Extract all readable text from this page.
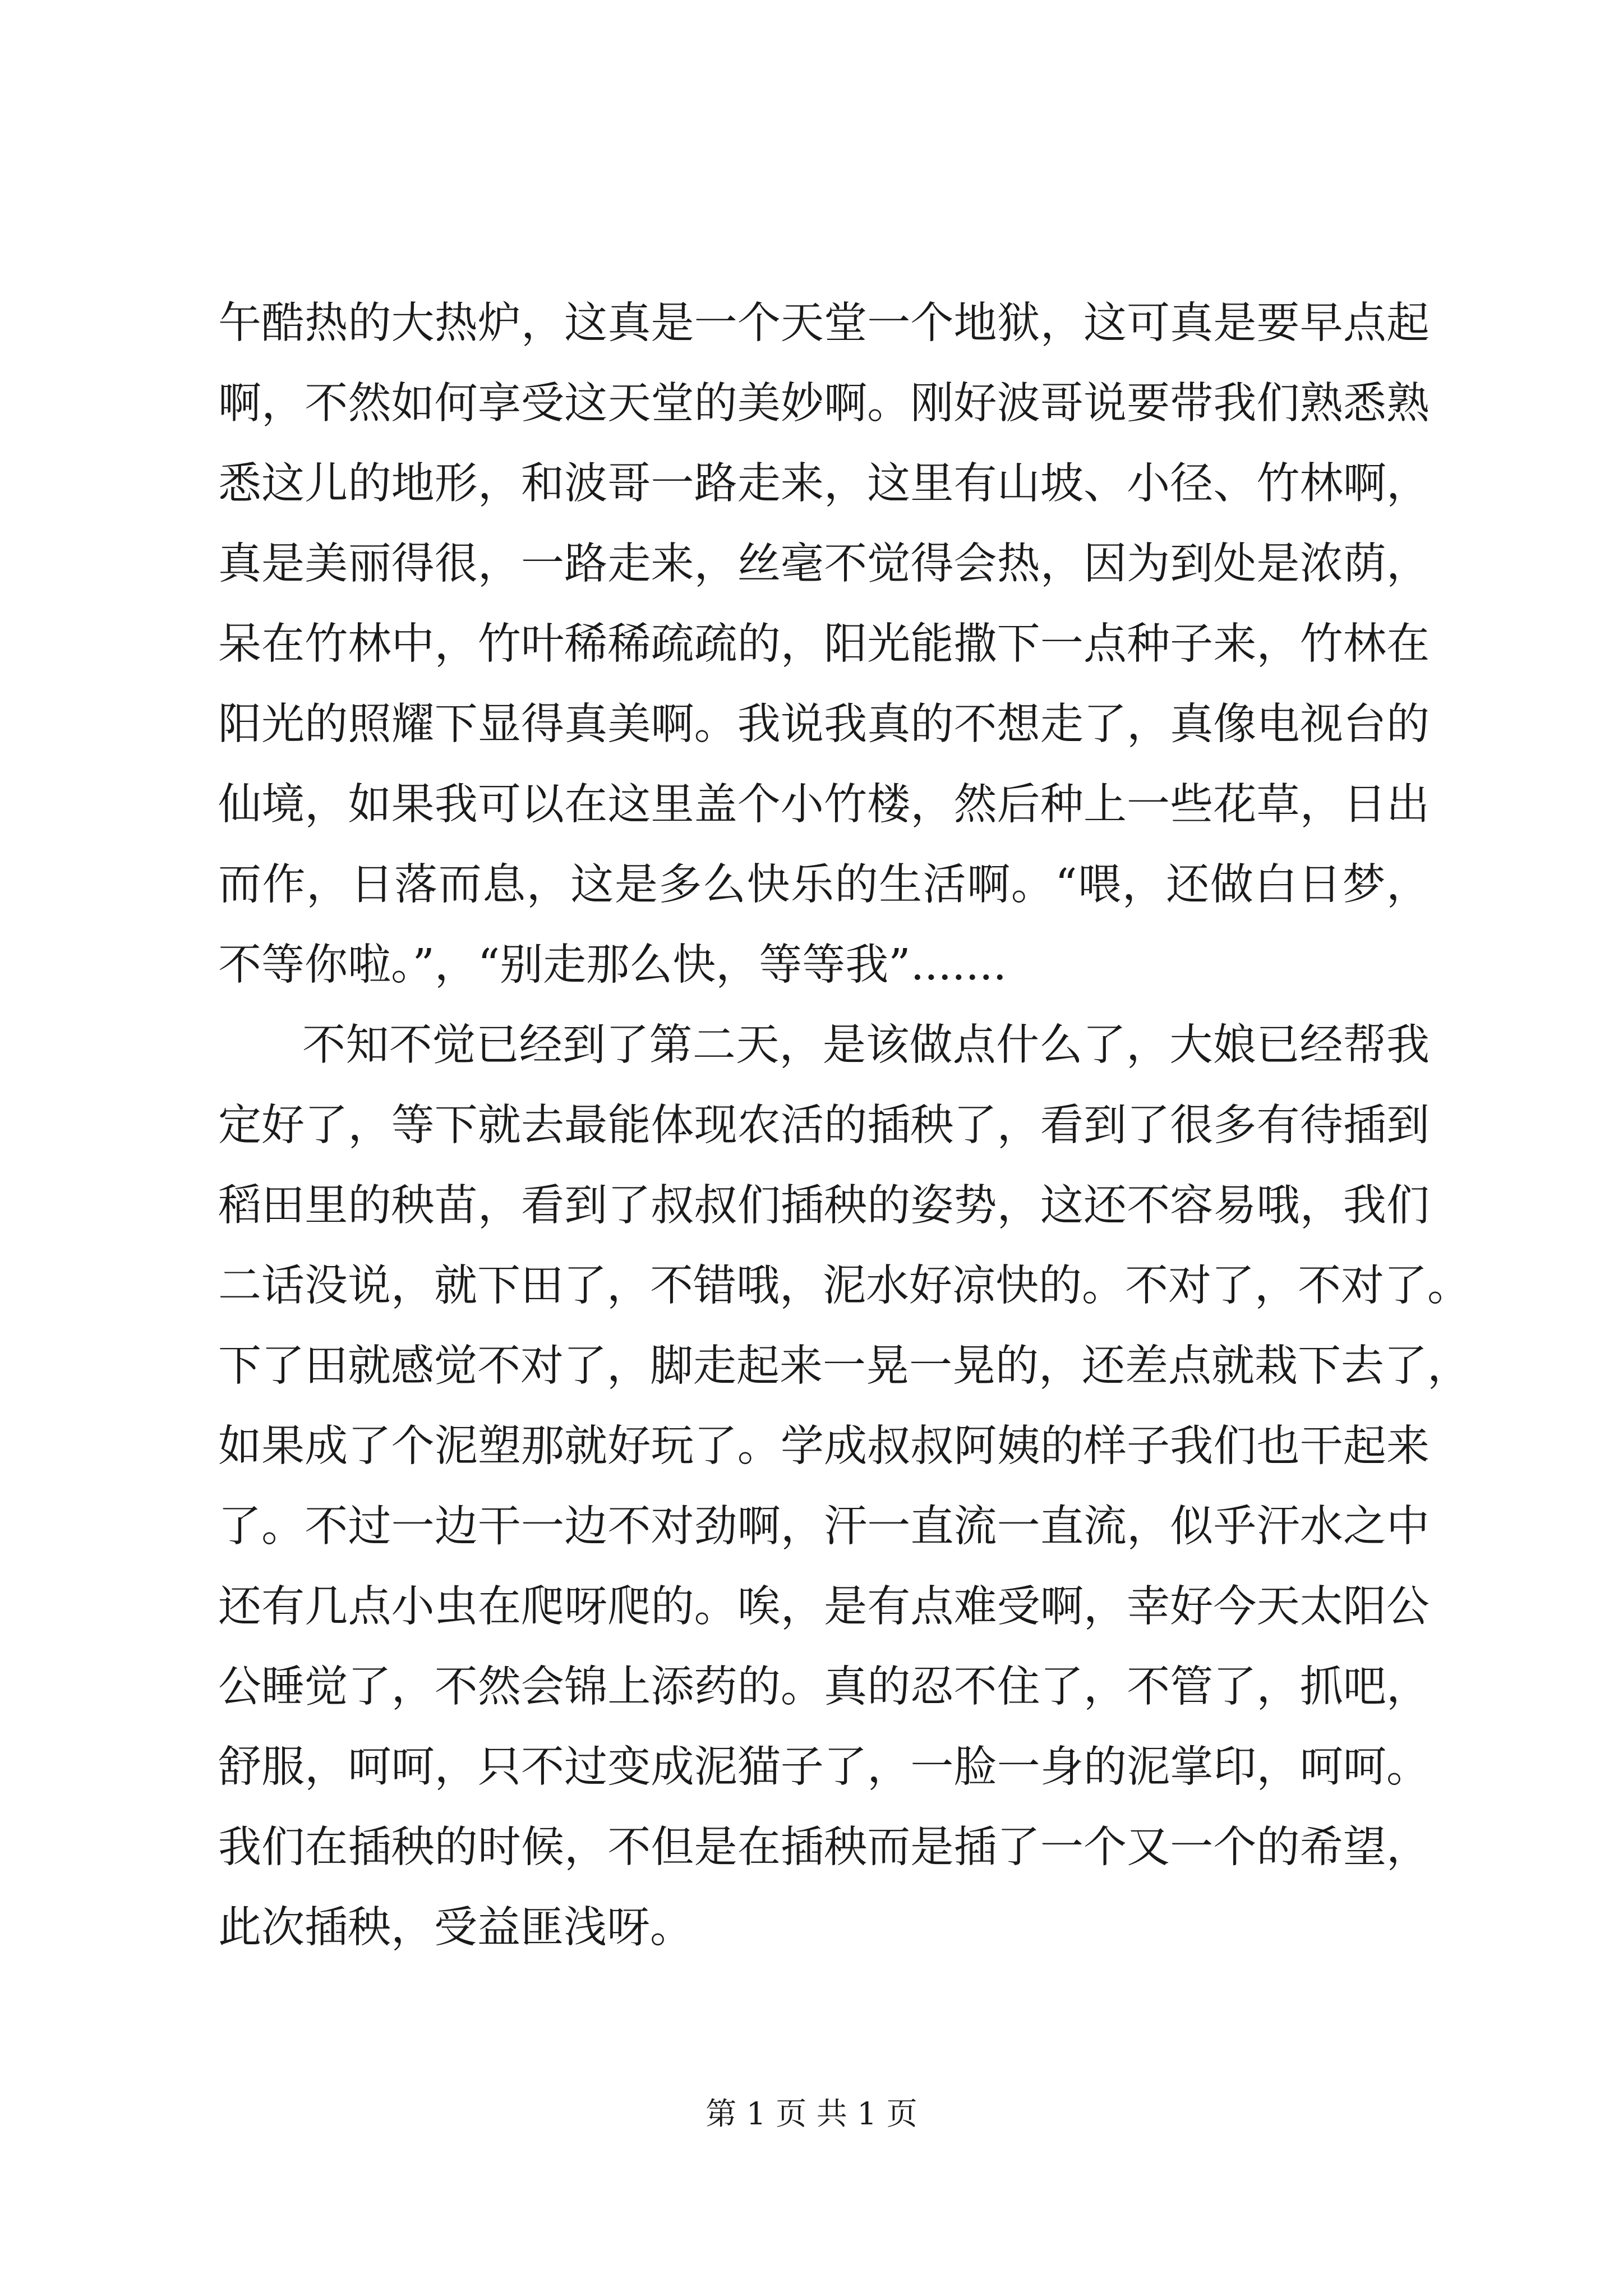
午酷热的大热炉，这真是一个天堂一个地狱，这可真是要早点起
啊，不然如何享受这天堂的美妙啊。刚好波哥说要带我们熟悉熟
悉这儿的地形，和波哥一路走来，这里有山坡、小径、竹林啊，
真是美丽得很，一路走来，丝毫不觉得会热，因为到处是浓荫，
呆在竹林中，竹叶稀稀疏疏的，阳光能撒下一点种子来，竹林在
阳光的照耀下显得真美啊。我说我真的不想走了，真像电视台的
仙境，如果我可以在这里盖个小竹楼，然后种上一些花草，日出
而作，日落而息，这是多么快乐的生活啊。“喂，还做白日梦，
不等你啦。”，“别走那么快，等等我”.......
不知不觉已经到了第二天，是该做点什么了，大娘已经帮我
定好了，等下就去最能体现农活的插秧了，看到了很多有待插到
稻田里的秧苗，看到了叔叔们插秧的姿势，这还不容易哦，我们
二话没说，就下田了，不错哦，泥水好凉快的。不对了，不对了。
下了田就感觉不对了，脚走起来一晃一晃的，还差点就栽下去了，
如果成了个泥塑那就好玩了。学成叔叔阿姨的样子我们也干起来
了。不过一边干一边不对劲啊，汗一直流一直流，似乎汗水之中
还有几点小虫在爬呀爬的。唉，是有点难受啊，幸好今天太阳公
公睡觉了，不然会锦上添药的。真的忍不住了，不管了，抓吧，
舒服，呵呵，只不过变成泥猫子了，一脸一身的泥掌印，呵呵。
我们在插秧的时候，不但是在插秧而是插了一个又一个的希望，
此次插秧，受益匪浅呀。
第 1 页 共 1 页
